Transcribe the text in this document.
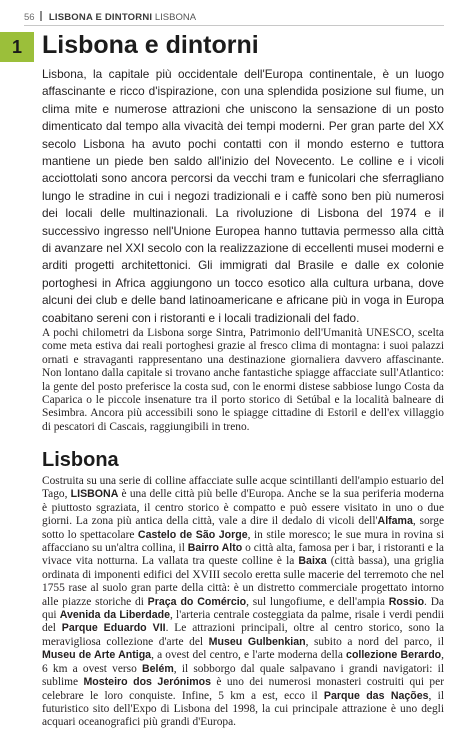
56 LISBONA E DINTORNI LISBONA
1 Lisbona e dintorni

Lisbona, la capitale più occidentale dell'Europa continentale, è un luogo affascinante e ricco d'ispirazione, con una splendida posizione sul fiume, un clima mite e numerose attrazioni che uniscono la sensazione di un posto dimenticato dal tempo alla vivacità dei tempi moderni. Per gran parte del XX secolo Lisbona ha avuto pochi contatti con il mondo esterno e tuttora mantiene un piede ben saldo all'inizio del Novecento. Le colline e i vicoli acciottolati sono ancora percorsi da vecchi tram e funicolari che sferragliano lungo le stradine in cui i negozi tradizionali e i caffè sono ben più numerosi dei locali delle multinazionali. La rivoluzione di Lisbona del 1974 e il successivo ingresso nell'Unione Europea hanno tuttavia permesso alla città di avanzare nel XXI secolo con la realizzazione di eccellenti musei moderni e arditi progetti architettonici. Gli immigrati dal Brasile e dalle ex colonie portoghesi in Africa aggiungono un tocco esotico alla cultura urbana, dove alcuni dei club e delle band latinoamericane e africane più in voga in Europa coabitano sereni con i ristoranti e i locali tradizionali del fado.

A pochi chilometri da Lisbona sorge Sintra, Patrimonio dell'Umanità UNESCO, scelta come meta estiva dai reali portoghesi grazie al fresco clima di montagna: i suoi palazzi ornati e stravaganti rappresentano una destinazione giornaliera davvero affascinante. Non lontano dalla capitale si trovano anche fantastiche spiagge affacciate sull'Atlantico: la gente del posto preferisce la costa sud, con le enormi distese sabbiose lungo Costa da Caparica o le piccole insenature tra il porto storico di Setúbal e la località balneare di Sesimbra. Ancora più accessibili sono le spiagge cittadine di Estoril e dell'ex villaggio di pescatori di Cascais, raggiungibili in treno.

Lisbona

Costruita su una serie di colline affacciate sulle acque scintillanti dell'ampio estuario del Tago, LISBONA è una delle città più belle d'Europa. Anche se la sua periferia moderna è piuttosto sgraziata, il centro storico è compatto e può essere visitato in uno o due giorni. La zona più antica della città, vale a dire il dedalo di vicoli dell'Alfama, sorge sotto lo spettacolare Castelo de São Jorge, in stile moresco; le sue mura in rovina si affacciano su un'altra collina, il Bairro Alto o città alta, famosa per i bar, i ristoranti e la vivace vita notturna. La vallata tra queste colline è la Baixa (città bassa), una griglia ordinata di imponenti edifici del XVIII secolo eretta sulle macerie del terremoto che nel 1755 rase al suolo gran parte della città: è un distretto commerciale progettato intorno alle piazze storiche di Praça do Comércio, sul lungofiume, e dell'ampia Rossio. Da qui Avenida da Liberdade, l'arteria centrale costeggiata da palme, risale i verdi pendii del Parque Eduardo VII. Le attrazioni principali, oltre al centro storico, sono la meravigliosa collezione d'arte del Museu Gulbenkian, subito a nord del parco, il Museu de Arte Antiga, a ovest del centro, e l'arte moderna della collezione Berardo, 6 km a ovest verso Belém, il sobborgo dal quale salpavano i grandi navigatori: il sublime Mosteiro dos Jerónimos è uno dei numerosi monasteri costruiti qui per celebrare le loro conquiste. Infine, 5 km a est, ecco il Parque das Nações, il futuristico sito dell'Expo di Lisbona del 1998, la cui principale attrazione è uno degli acquari oceanografici più grandi d'Europa.
